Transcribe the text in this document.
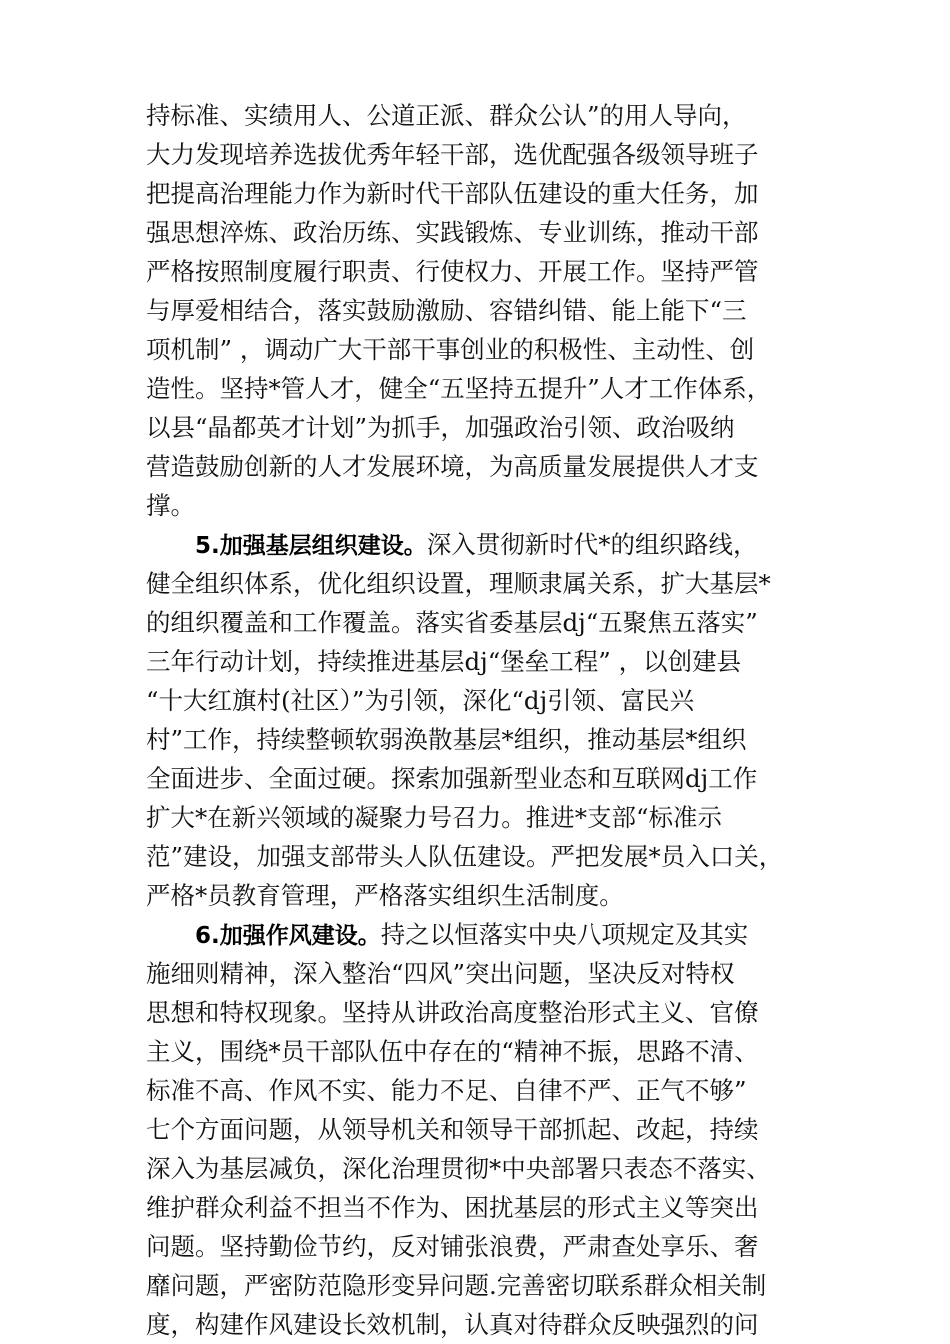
持标准、实绩用人、公道正派、群众公认”的用人导向，
大力发现培养选拔优秀年轻干部，选优配强各级领导班子
把提高治理能力作为新时代干部队伍建设的重大任务，加
强思想淬炼、政治历练、实践锻炼、专业训练，推动干部
严格按照制度履行职责、行使权力、开展工作。坚持严管
与厚爱相结合，落实鼓励激励、容错纠错、能上能下“三
项机制” ，调动广大干部干事创业的积极性、主动性、创
造性。坚持*管人才，健全“五坚持五提升”人才工作体系，
以县“晶都英才计划”为抓手，加强政治引领、政治吸纳
营造鼓励创新的人才发展环境，为高质量发展提供人才支
撑。
5.加强基层组织建设。深入贯彻新时代*的组织路线，
健全组织体系，优化组织设置，理顺隶属关系，扩大基层*
的组织覆盖和工作覆盖。落实省委基层dj“五聚焦五落实”
三年行动计划，持续推进基层dj“堡垒工程” ，以创建县
“十大红旗村(社区）”为引领，深化“dj引领、富民兴
村”工作，持续整顿软弱涣散基层*组织，推动基层*组织
全面进步、全面过硬。探索加强新型业态和互联网dj工作
扩大*在新兴领域的凝聚力号召力。推进*支部“标准示
范”建设，加强支部带头人队伍建设。严把发展*员入口关，
严格*员教育管理，严格落实组织生活制度。
6.加强作风建设。持之以恒落实中央八项规定及其实
施细则精神，深入整治“四风”突出问题，坚决反对特权
思想和特权现象。坚持从讲政治高度整治形式主义、官僚
主义，围绕*员干部队伍中存在的“精神不振，思路不清、
标准不高、作风不实、能力不足、自律不严、正气不够”
七个方面问题，从领导机关和领导干部抓起、改起，持续
深入为基层减负，深化治理贯彻*中央部署只表态不落实、
维护群众利益不担当不作为、困扰基层的形式主义等突出
问题。坚持勤俭节约，反对铺张浪费，严肃查处享乐、奢
靡问题，严密防范隐形变异问题.完善密切联系群众相关制
度，构建作风建设长效机制，认真对待群众反映强烈的问
